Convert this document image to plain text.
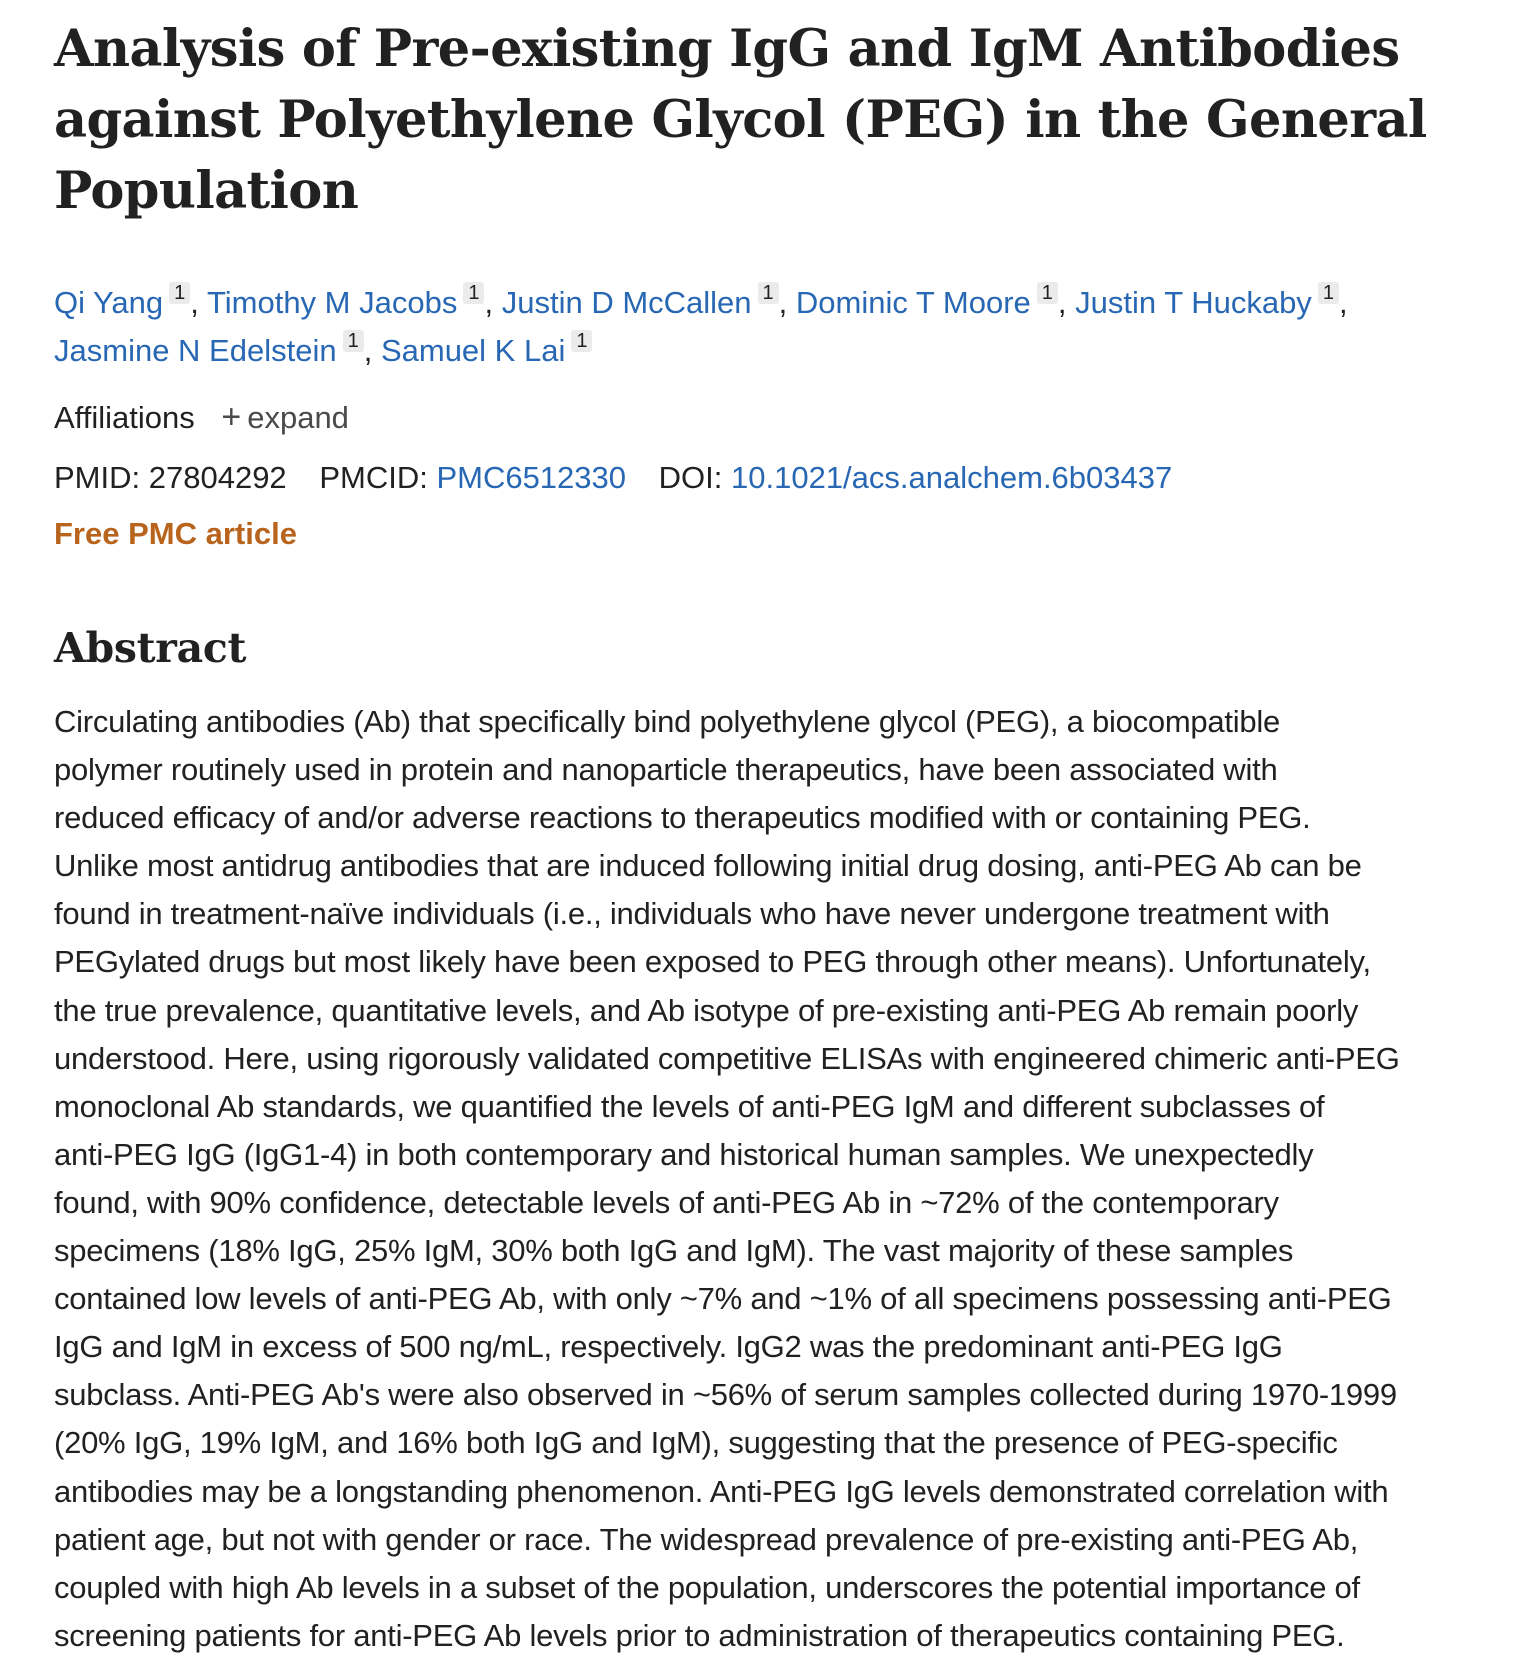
Analysis of Pre-existing IgG and IgM Antibodies
against Polyethylene Glycol (PEG) in the General
Population
Qi Yang 1 , Timothy M Jacobs 1 , Justin D McCallen 1 , Dominic T Moore 1 , Justin T Huckaby 1 ,
Jasmine N Edelstein 1 , Samuel K Lai 1
Affiliations + expand
PMID: 27804292 PMCID: PMC6512330 DOI: 10.1021/acs.analchem.6b03437
Free PMC article
Abstract
Circulating antibodies (Ab) that specifically bind polyethylene glycol (PEG), a biocompatible
polymer routinely used in protein and nanoparticle therapeutics, have been associated with
reduced efficacy of and/or adverse reactions to therapeutics modified with or containing PEG.
Unlike most antidrug antibodies that are induced following initial drug dosing, anti-PEG Ab can be
found in treatment-naïve individuals (i.e., individuals who have never undergone treatment with
PEGylated drugs but most likely have been exposed to PEG through other means). Unfortunately,
the true prevalence, quantitative levels, and Ab isotype of pre-existing anti-PEG Ab remain poorly
understood. Here, using rigorously validated competitive ELISAs with engineered chimeric anti-PEG
monoclonal Ab standards, we quantified the levels of anti-PEG IgM and different subclasses of
anti-PEG IgG (IgG1-4) in both contemporary and historical human samples. We unexpectedly
found, with 90% confidence, detectable levels of anti-PEG Ab in ~72% of the contemporary
specimens (18% IgG, 25% IgM, 30% both IgG and IgM). The vast majority of these samples
contained low levels of anti-PEG Ab, with only ~7% and ~1% of all specimens possessing anti-PEG
IgG and IgM in excess of 500 ng/mL, respectively. IgG2 was the predominant anti-PEG IgG
subclass. Anti-PEG Ab's were also observed in ~56% of serum samples collected during 1970-1999
(20% IgG, 19% IgM, and 16% both IgG and IgM), suggesting that the presence of PEG-specific
antibodies may be a longstanding phenomenon. Anti-PEG IgG levels demonstrated correlation with
patient age, but not with gender or race. The widespread prevalence of pre-existing anti-PEG Ab,
coupled with high Ab levels in a subset of the population, underscores the potential importance of
screening patients for anti-PEG Ab levels prior to administration of therapeutics containing PEG.
